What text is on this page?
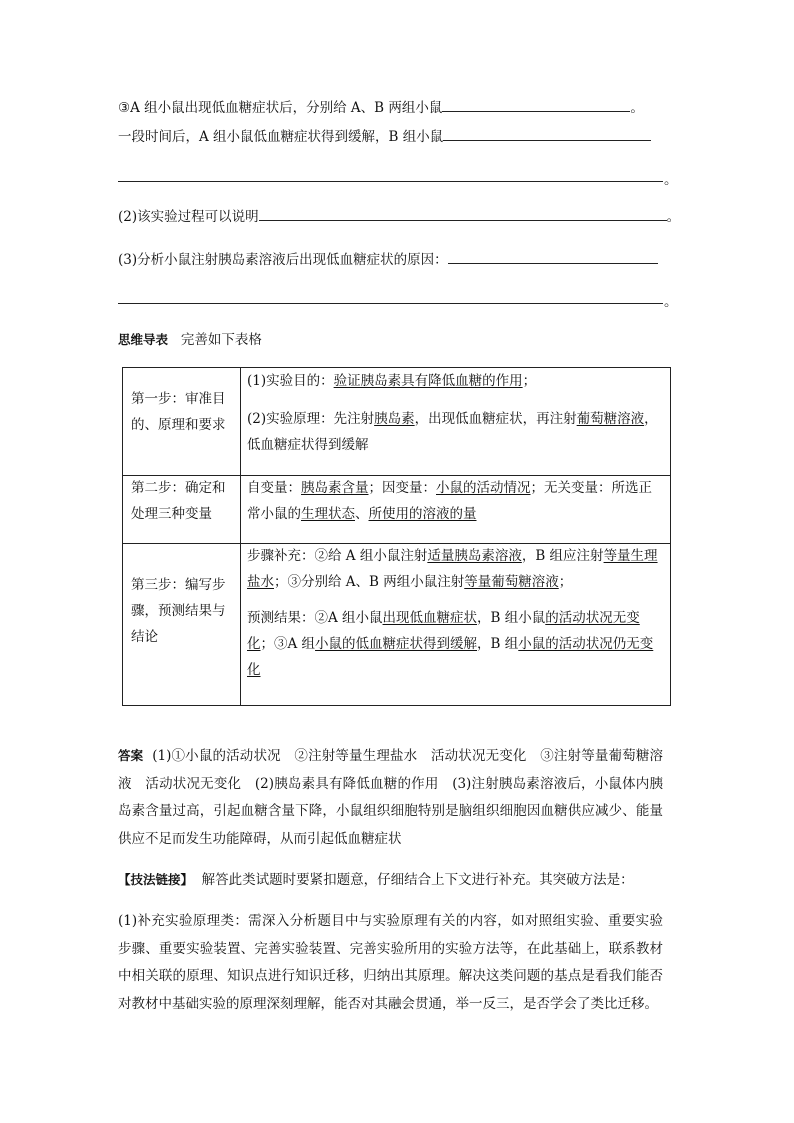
③A 组小鼠出现低血糖症状后，分别给 A、B 两组小鼠	。
一段时间后，A 组小鼠低血糖症状得到缓解，B 组小鼠
。
(2)该实验过程可以说明	。
(3)分析小鼠注射胰岛素溶液后出现低血糖症状的原因：
。
思维导表 完善如下表格
第一步：审准目的、原理和要求
(1)实验目的：验证胰岛素具有降低血糖的作用；
(2)实验原理：先注射胰岛素，出现低血糖症状，再注射葡萄糖溶液，低血糖症状得到缓解
第二步：确定和处理三种变量
自变量：胰岛素含量；因变量：小鼠的活动情况；无关变量：所选正常小鼠的生理状态、所使用的溶液的量
第三步：编写步骤，预测结果与结论
步骤补充：②给 A 组小鼠注射适量胰岛素溶液，B 组应注射等量生理盐水；③分别给 A、B 两组小鼠注射等量葡萄糖溶液；
预测结果：②A 组小鼠出现低血糖症状，B 组小鼠的活动状况无变化；③A 组小鼠的低血糖症状得到缓解，B 组小鼠的活动状况仍无变化
答案 (1)①小鼠的活动状况　②注射等量生理盐水　活动状况无变化　③注射等量葡萄糖溶液　活动状况无变化　(2)胰岛素具有降低血糖的作用　(3)注射胰岛素溶液后，小鼠体内胰岛素含量过高，引起血糖含量下降，小鼠组织细胞特别是脑组织细胞因血糖供应减少、能量供应不足而发生功能障碍，从而引起低血糖症状
【技法链接】 解答此类试题时要紧扣题意，仔细结合上下文进行补充。其突破方法是：
(1)补充实验原理类：需深入分析题目中与实验原理有关的内容，如对照组实验、重要实验步骤、重要实验装置、完善实验装置、完善实验所用的实验方法等，在此基础上，联系教材中相关联的原理、知识点进行知识迁移，归纳出其原理。解决这类问题的基点是看我们能否对教材中基础实验的原理深刻理解，能否对其融会贯通，举一反三，是否学会了类比迁移。
